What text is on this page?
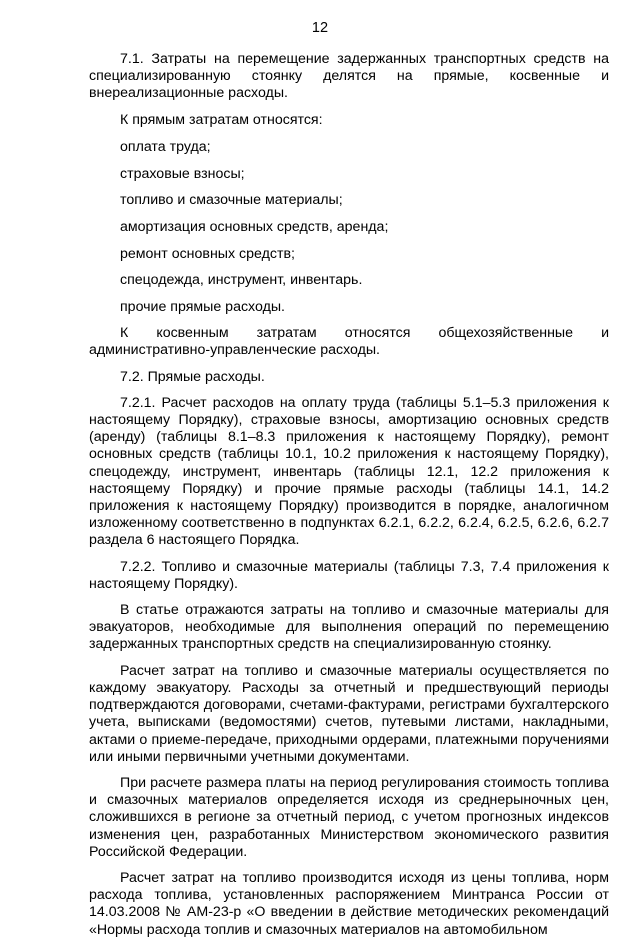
12

7.1. Затраты на перемещение задержанных транспортных средств на специализированную стоянку делятся на прямые, косвенные и внереализационные расходы.

К прямым затратам относятся:

оплата труда;

страховые взносы;

топливо и смазочные материалы;

амортизация основных средств, аренда;

ремонт основных средств;

спецодежда, инструмент, инвентарь.

прочие прямые расходы.

К косвенным затратам относятся общехозяйственные и административно-управленческие расходы.

7.2. Прямые расходы.

7.2.1. Расчет расходов на оплату труда (таблицы 5.1–5.3 приложения к настоящему Порядку), страховые взносы, амортизацию основных средств (аренду) (таблицы 8.1–8.3 приложения к настоящему Порядку), ремонт основных средств (таблицы 10.1, 10.2 приложения к настоящему Порядку), спецодежду, инструмент, инвентарь (таблицы 12.1, 12.2 приложения к настоящему Порядку) и прочие прямые расходы (таблицы 14.1, 14.2 приложения к настоящему Порядку) производится в порядке, аналогичном изложенному соответственно в подпунктах 6.2.1, 6.2.2, 6.2.4, 6.2.5, 6.2.6, 6.2.7 раздела 6 настоящего Порядка.

7.2.2. Топливо и смазочные материалы (таблицы 7.3, 7.4 приложения к настоящему Порядку).

В статье отражаются затраты на топливо и смазочные материалы для эвакуаторов, необходимые для выполнения операций по перемещению задержанных транспортных средств на специализированную стоянку.

Расчет затрат на топливо и смазочные материалы осуществляется по каждому эвакуатору. Расходы за отчетный и предшествующий периоды подтверждаются договорами, счетами-фактурами, регистрами бухгалтерского учета, выписками (ведомостями) счетов, путевыми листами, накладными, актами о приеме-передаче, приходными ордерами, платежными поручениями или иными первичными учетными документами.

При расчете размера платы на период регулирования стоимость топлива и смазочных материалов определяется исходя из среднерыночных цен, сложившихся в регионе за отчетный период, с учетом прогнозных индексов изменения цен, разработанных Министерством экономического развития Российской Федерации.

Расчет затрат на топливо производится исходя из цены топлива, норм расхода топлива, установленных распоряжением Минтранса России от 14.03.2008 № АМ-23-р «О введении в действие методических рекомендаций «Нормы расхода топлив и смазочных материалов на автомобильном
